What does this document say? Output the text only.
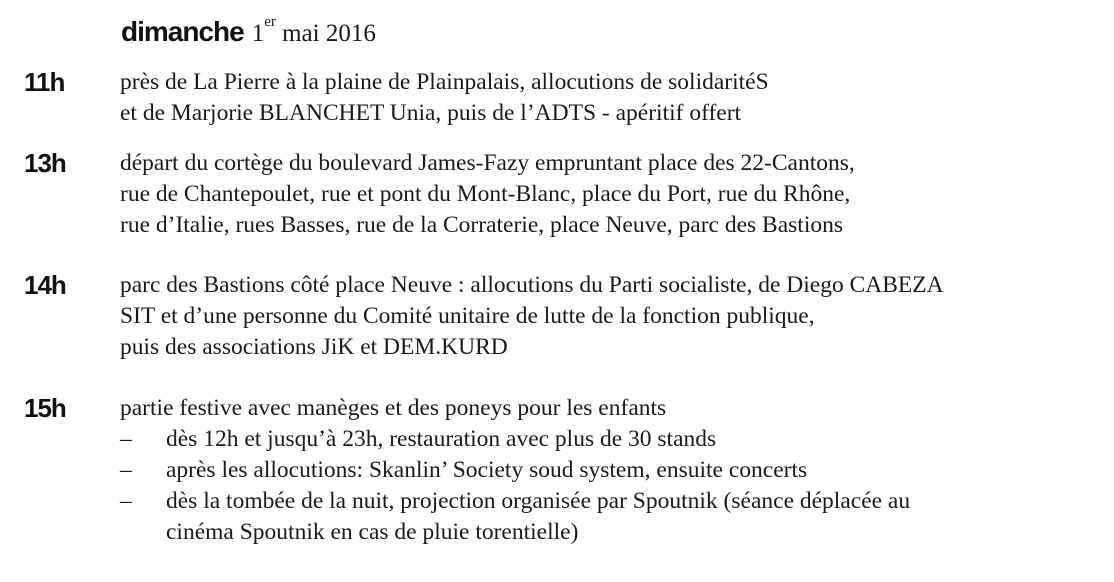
dimanche 1er mai 2016
11h près de La Pierre à la plaine de Plainpalais, allocutions de solidaritéS
et de Marjorie BLANCHET Unia, puis de l’ADTS - apéritif offert
13h départ du cortège du boulevard James-Fazy empruntant place des 22-Cantons,
rue de Chantepoulet, rue et pont du Mont-Blanc, place du Port, rue du Rhône,
rue d’Italie, rues Basses, rue de la Corraterie, place Neuve, parc des Bastions
14h parc des Bastions côté place Neuve : allocutions du Parti socialiste, de Diego CABEZA
SIT et d’une personne du Comité unitaire de lutte de la fonction publique,
puis des associations JiK et DEM.KURD
15h partie festive avec manèges et des poneys pour les enfants
– dès 12h et jusqu’à 23h, restauration avec plus de 30 stands
– après les allocutions: Skanlin’ Society soud system, ensuite concerts
– dès la tombée de la nuit, projection organisée par Spoutnik (séance déplacée au
cinéma Spoutnik en cas de pluie torentielle)
